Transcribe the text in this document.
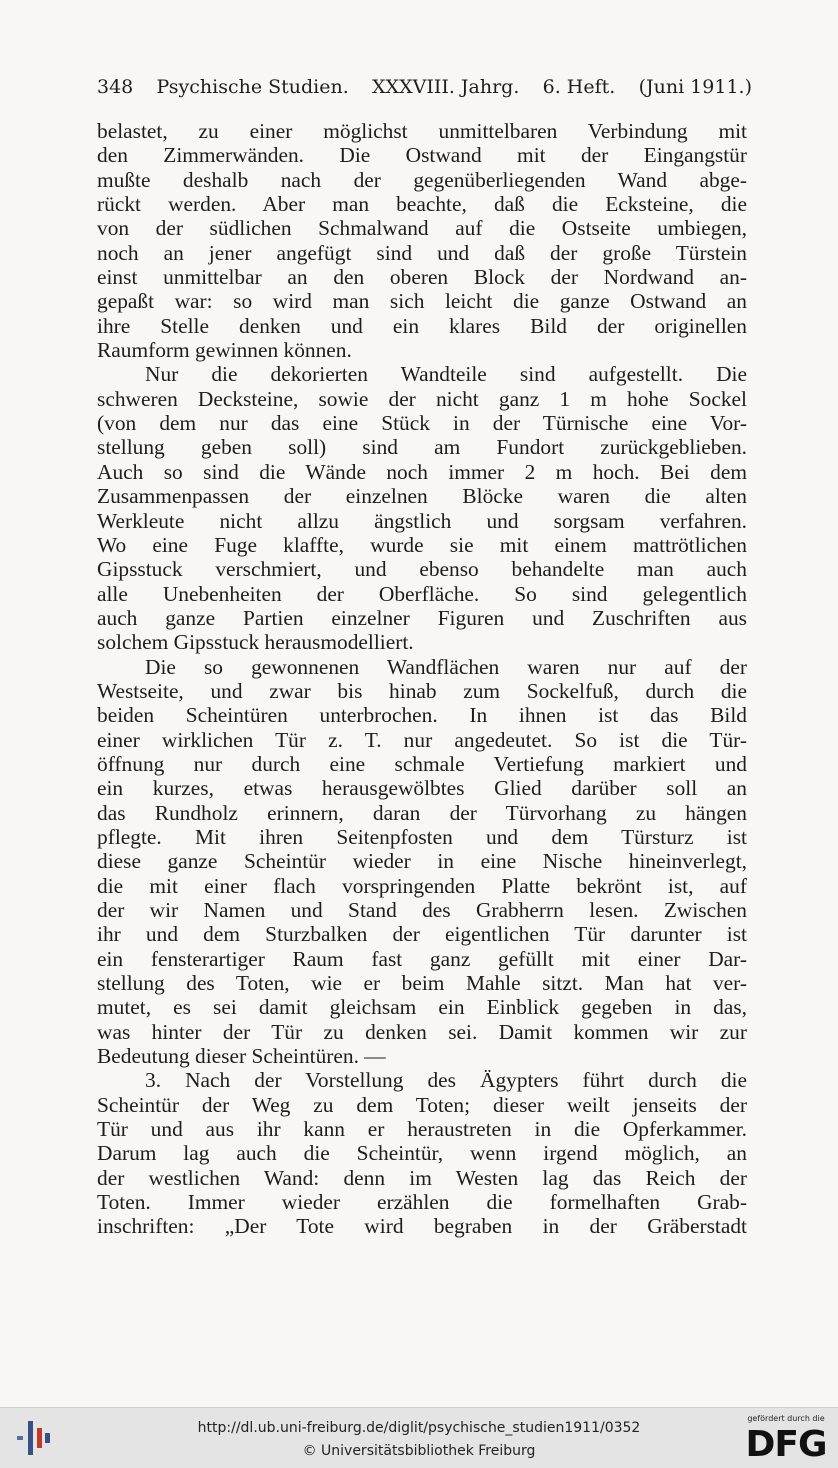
348 Psychische Studien. XXXVIII. Jahrg. 6. Heft. (Juni 1911.)
belastet, zu einer möglichst unmittelbaren Verbindung mit
den Zimmerwänden. Die Ostwand mit der Eingangstür
mußte deshalb nach der gegenüberliegenden Wand abge-
rückt werden. Aber man beachte, daß die Ecksteine, die
von der südlichen Schmalwand auf die Ostseite umbiegen,
noch an jener angefügt sind und daß der große Türstein
einst unmittelbar an den oberen Block der Nordwand an-
gepaßt war: so wird man sich leicht die ganze Ostwand an
ihre Stelle denken und ein klares Bild der originellen
Raumform gewinnen können.
Nur die dekorierten Wandteile sind aufgestellt. Die
schweren Decksteine, sowie der nicht ganz 1 m hohe Sockel
(von dem nur das eine Stück in der Türnische eine Vor-
stellung geben soll) sind am Fundort zurückgeblieben.
Auch so sind die Wände noch immer 2 m hoch. Bei dem
Zusammenpassen der einzelnen Blöcke waren die alten
Werkleute nicht allzu ängstlich und sorgsam verfahren.
Wo eine Fuge klaffte, wurde sie mit einem mattrötlichen
Gipsstuck verschmiert, und ebenso behandelte man auch
alle Unebenheiten der Oberfläche. So sind gelegentlich
auch ganze Partien einzelner Figuren und Zuschriften aus
solchem Gipsstuck herausmodelliert.
Die so gewonnenen Wandflächen waren nur auf der
Westseite, und zwar bis hinab zum Sockelfuß, durch die
beiden Scheintüren unterbrochen. In ihnen ist das Bild
einer wirklichen Tür z. T. nur angedeutet. So ist die Tür-
öffnung nur durch eine schmale Vertiefung markiert und
ein kurzes, etwas herausgewölbtes Glied darüber soll an
das Rundholz erinnern, daran der Türvorhang zu hängen
pflegte. Mit ihren Seitenpfosten und dem Türsturz ist
diese ganze Scheintür wieder in eine Nische hineinverlegt,
die mit einer flach vorspringenden Platte bekrönt ist, auf
der wir Namen und Stand des Grabherrn lesen. Zwischen
ihr und dem Sturzbalken der eigentlichen Tür darunter ist
ein fensterartiger Raum fast ganz gefüllt mit einer Dar-
stellung des Toten, wie er beim Mahle sitzt. Man hat ver-
mutet, es sei damit gleichsam ein Einblick gegeben in das,
was hinter der Tür zu denken sei. Damit kommen wir zur
Bedeutung dieser Scheintüren. —
3. Nach der Vorstellung des Ägypters führt durch die
Scheintür der Weg zu dem Toten; dieser weilt jenseits der
Tür und aus ihr kann er heraustreten in die Opferkammer.
Darum lag auch die Scheintür, wenn irgend möglich, an
der westlichen Wand: denn im Westen lag das Reich der
Toten. Immer wieder erzählen die formelhaften Grab-
inschriften: „Der Tote wird begraben in der Gräberstadt
http://dl.ub.uni-freiburg.de/diglit/psychische_studien1911/0352
© Universitätsbibliothek Freiburg
gefördert durch die
DFG
